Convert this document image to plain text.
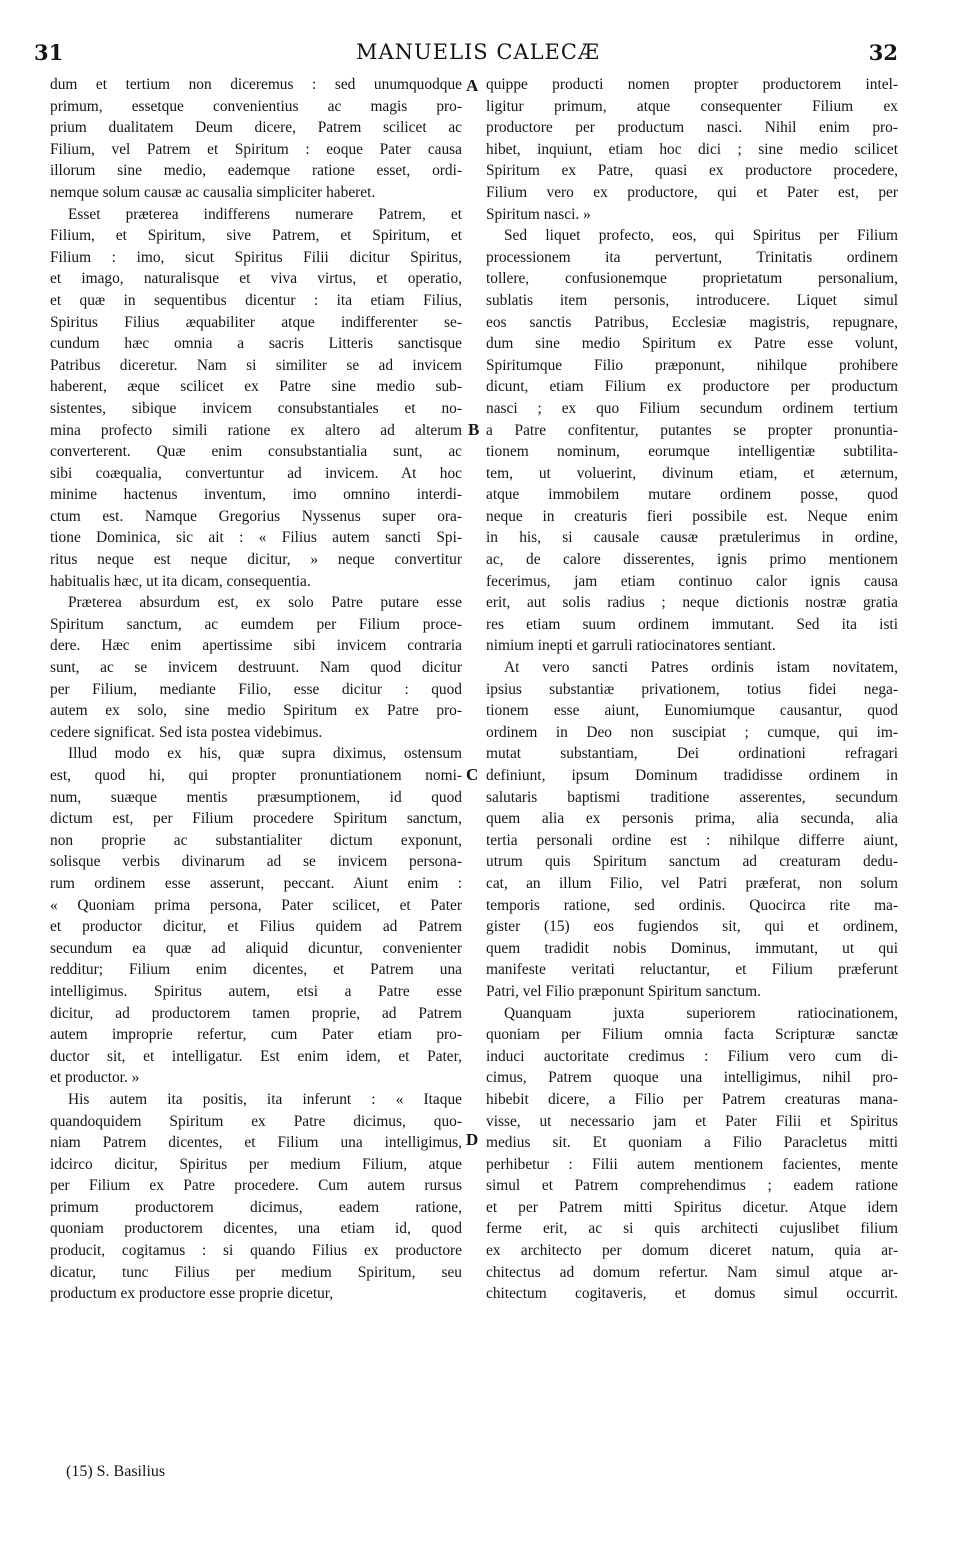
31	MANUELIS CALECÆ	32
dum et tertium non diceremus : sed unumquodque
primum, essetque convenientius ac magis pro-
prium dualitatem Deum dicere, Patrem scilicet ac
Filium, vel Patrem et Spiritum : eoque Pater causa
illorum sine medio, eademque ratione esset, ordi-
nemque solum causæ ac causalia simpliciter haberet.
Esset præterea indifferens numerare Patrem, et
Filium, et Spiritum, sive Patrem, et Spiritum, et
Filium : imo, sicut Spiritus Filii dicitur Spiritus,
et imago, naturalisque et viva virtus, et operatio,
et quæ in sequentibus dicentur : ita etiam Filius,
Spiritus Filius æquabiliter atque indifferenter se-
cundum hæc omnia a sacris Litteris sanctisque
Patribus diceretur. Nam si similiter se ad invicem
haberent, æque scilicet ex Patre sine medio sub-
sistentes, sibique invicem consubstantiales et no-
mina profecto simili ratione ex altero ad alterum
converterent. Quæ enim consubstantialia sunt, ac
sibi coæqualia, convertuntur ad invicem. At hoc
minime hactenus inventum, imo omnino interdi-
ctum est. Namque Gregorius Nyssenus super ora-
tione Dominica, sic ait : « Filius autem sancti Spi-
ritus neque est neque dicitur, » neque convertitur
habitualis hæc, ut ita dicam, consequentia.
Præterea absurdum est, ex solo Patre putare esse
Spiritum sanctum, ac eumdem per Filium proce-
dere. Hæc enim apertissime sibi invicem contraria
sunt, ac se invicem destruunt. Nam quod dicitur
per Filium, mediante Filio, esse dicitur : quod
autem ex solo, sine medio Spiritum ex Patre pro-
cedere significat. Sed ista postea videbimus.
Illud modo ex his, quæ supra diximus, ostensum
est, quod hi, qui propter pronuntiationem nomi-
num, suæque mentis præsumptionem, id quod
dictum est, per Filium procedere Spiritum sanctum,
non proprie ac substantialiter dictum exponunt,
solisque verbis divinarum ad se invicem persona-
rum ordinem esse asserunt, peccant. Aiunt enim :
« Quoniam prima persona, Pater scilicet, et Pater
et productor dicitur, et Filius quidem ad Patrem
secundum ea quæ ad aliquid dicuntur, convenienter
redditur; Filium enim dicentes, et Patrem una
intelligimus. Spiritus autem, etsi a Patre esse
dicitur, ad productorem tamen proprie, ad Patrem
autem improprie refertur, cum Pater etiam pro-
ductor sit, et intelligatur. Est enim idem, et Pater,
et productor. »
His autem ita positis, ita inferunt : « Itaque
quandoquidem Spiritum ex Patre dicimus, quo-
niam Patrem dicentes, et Filium una intelligimus,
idcirco dicitur, Spiritus per medium Filium, atque
per Filium ex Patre procedere. Cum autem rursus
primum productorem dicimus, eadem ratione,
quoniam productorem dicentes, una etiam id, quod
producit, cogitamus : si quando Filius ex productore
dicatur, tunc Filius per medium Spiritum, seu
productum ex productore esse proprie dicetur,
quippe producti nomen propter productorem intel-
ligitur primum, atque consequenter Filium ex
productore per productum nasci. Nihil enim pro-
hibet, inquiunt, etiam hoc dici ; sine medio scilicet
Spiritum ex Patre, quasi ex productore procedere,
Filium vero ex productore, qui et Pater est, per
Spiritum nasci. »
Sed liquet profecto, eos, qui Spiritus per Filium
processionem ita pervertunt, Trinitatis ordinem
tollere, confusionemque proprietatum personalium,
sublatis item personis, introducere. Liquet simul
eos sanctis Patribus, Ecclesiæ magistris, repugnare,
dum sine medio Spiritum ex Patre esse volunt,
Spiritumque Filio præponunt, nihilque prohibere
dicunt, etiam Filium ex productore per productum
nasci ; ex quo Filium secundum ordinem tertium
a Patre confitentur, putantes se propter pronuntia-
tionem nominum, eorumque intelligentiæ subtilita-
tem, ut voluerint, divinum etiam, et æternum,
atque immobilem mutare ordinem posse, quod
neque in creaturis fieri possibile est. Neque enim
in his, si causale causæ prætulerimus in ordine,
ac, de calore disserentes, ignis primo mentionem
fecerimus, jam etiam continuo calor ignis causa
erit, aut solis radius ; neque dictionis nostræ gratia
res etiam suum ordinem immutant. Sed ita isti
nimium inepti et garruli ratiocinatores sentiant.
At vero sancti Patres ordinis istam novitatem,
ipsius substantiæ privationem, totius fidei nega-
tionem esse aiunt, Eunomiumque causantur, quod
ordinem in Deo non suscipiat ; cumque, qui im-
mutat substantiam, Dei ordinationi refragari
definiunt, ipsum Dominum tradidisse ordinem in
salutaris baptismi traditione asserentes, secundum
quem alia ex personis prima, alia secunda, alia
tertia personali ordine est : nihilque differre aiunt,
utrum quis Spiritum sanctum ad creaturam dedu-
cat, an illum Filio, vel Patri præferat, non solum
temporis ratione, sed ordinis. Quocirca rite ma-
gister (15) eos fugiendos sit, qui et ordinem,
quem tradidit nobis Dominus, immutant, ut qui
manifeste veritati reluctantur, et Filium præferunt
Patri, vel Filio præponunt Spiritum sanctum.
Quanquam juxta superiorem ratiocinationem,
quoniam per Filium omnia facta Scripturæ sanctæ
induci auctoritate credimus : Filium vero cum di-
cimus, Patrem quoque una intelligimus, nihil pro-
hibebit dicere, a Filio per Patrem creaturas mana-
visse, ut necessario jam et Pater Filii et Spiritus
medius sit. Et quoniam a Filio Paracletus mitti
perhibetur : Filii autem mentionem facientes, mente
simul et Patrem comprehendimus ; eadem ratione
et per Patrem mitti Spiritus dicetur. Atque idem
ferme erit, ac si quis architecti cujuslibet filium
ex architecto per domum diceret natum, quia ar-
chitectus ad domum refertur. Nam simul atque ar-
chitectum cogitaveris, et domus simul occurrit.
A
B
C
D
(15) S. Basilius
